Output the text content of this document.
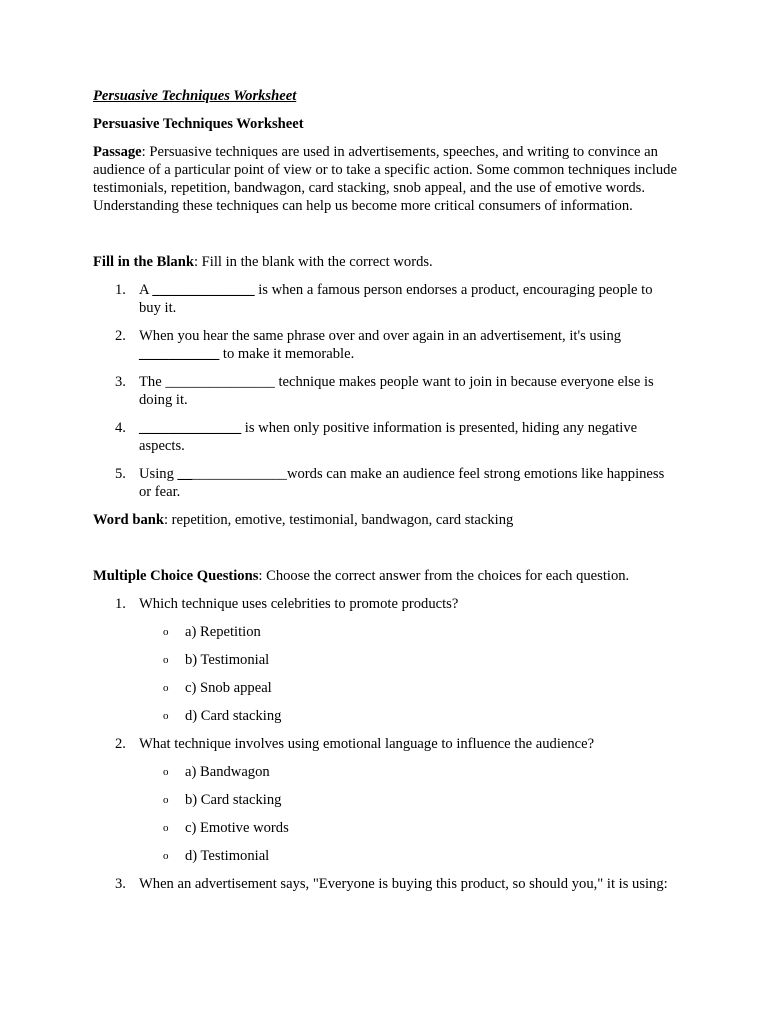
Persuasive Techniques Worksheet

Persuasive Techniques Worksheet

Passage: Persuasive techniques are used in advertisements, speeches, and writing to convince an audience of a particular point of view or to take a specific action. Some common techniques include testimonials, repetition, bandwagon, card stacking, snob appeal, and the use of emotive words. Understanding these techniques can help us become more critical consumers of information.

Fill in the Blank: Fill in the blank with the correct words.

1. A ______________ is when a famous person endorses a product, encouraging people to buy it.
2. When you hear the same phrase over and over again in an advertisement, it's using ___________ to make it memorable.
3. The _______________ technique makes people want to join in because everyone else is doing it.
4. ______________ is when only positive information is presented, hiding any negative aspects.
5. Using _______________words can make an audience feel strong emotions like happiness or fear.

Word bank: repetition, emotive, testimonial, bandwagon, card stacking

Multiple Choice Questions: Choose the correct answer from the choices for each question.

1. Which technique uses celebrities to promote products?
o a) Repetition
o b) Testimonial
o c) Snob appeal
o d) Card stacking
2. What technique involves using emotional language to influence the audience?
o a) Bandwagon
o b) Card stacking
o c) Emotive words
o d) Testimonial
3. When an advertisement says, "Everyone is buying this product, so should you," it is using:
